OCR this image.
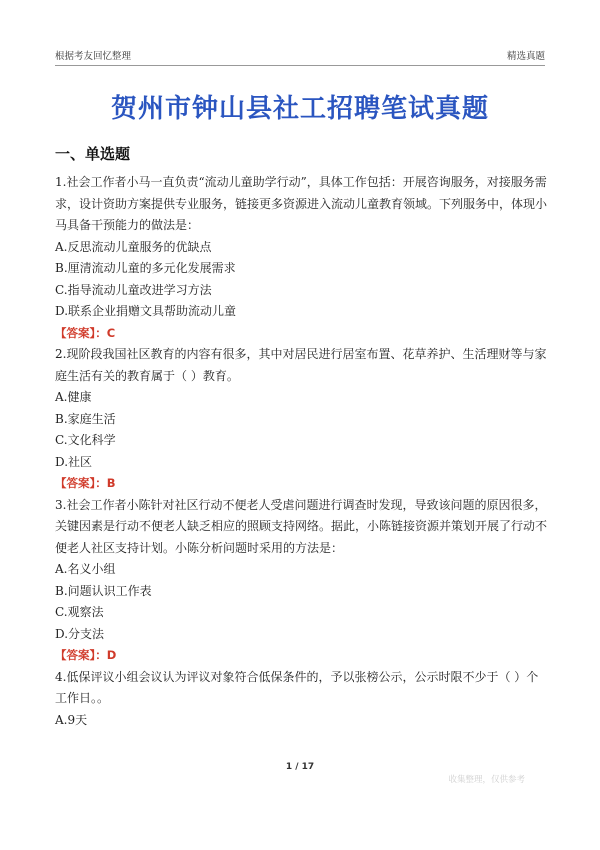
根据考友回忆整理	精选真题
贺州市钟山县社工招聘笔试真题
一、单选题

1.社会工作者小马一直负责“流动儿童助学行动”，具体工作包括：开展咨询服务，对接服务需求，设计资助方案提供专业服务，链接更多资源进入流动儿童教育领域。下列服务中，体现小马具备干预能力的做法是：

A.反思流动儿童服务的优缺点

B.厘清流动儿童的多元化发展需求

C.指导流动儿童改进学习方法

D.联系企业捐赠文具帮助流动儿童

【答案】：C

2.现阶段我国社区教育的内容有很多，其中对居民进行居室布置、花草养护、生活理财等与家庭生活有关的教育属于（ ）教育。

A.健康

B.家庭生活

C.文化科学

D.社区

【答案】：B

3.社会工作者小陈针对社区行动不便老人受虐问题进行调查时发现，导致该问题的原因很多，关键因素是行动不便老人缺乏相应的照顾支持网络。据此，小陈链接资源并策划开展了行动不便老人社区支持计划。小陈分析问题时采用的方法是：

A.名义小组

B.问题认识工作表

C.观察法

D.分支法

【答案】：D

4.低保评议小组会议认为评议对象符合低保条件的，予以张榜公示，公示时限不少于（ ）个工作日。。

A.9天

1 / 17
收集整理，仅供参考
